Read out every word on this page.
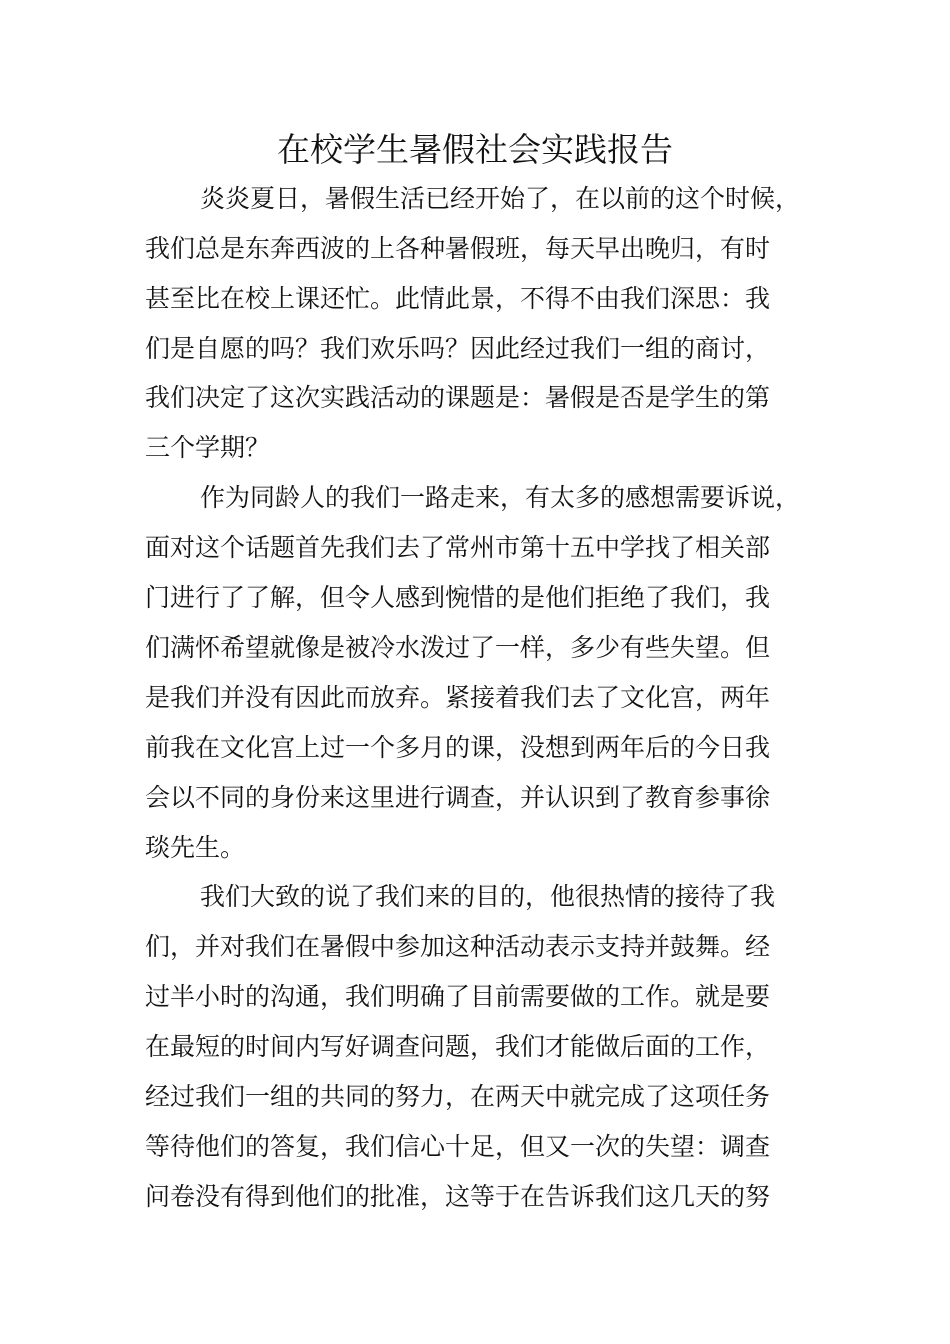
在校学生暑假社会实践报告

炎炎夏日，暑假生活已经开始了，在以前的这个时候，

我们总是东奔西波的上各种暑假班，每天早出晚归，有时

甚至比在校上课还忙。此情此景，不得不由我们深思：我

们是自愿的吗？我们欢乐吗？因此经过我们一组的商讨，

我们决定了这次实践活动的课题是：暑假是否是学生的第

三个学期？

作为同龄人的我们一路走来，有太多的感想需要诉说，

面对这个话题首先我们去了常州市第十五中学找了相关部

门进行了了解，但令人感到惋惜的是他们拒绝了我们，我

们满怀希望就像是被冷水泼过了一样，多少有些失望。但

是我们并没有因此而放弃。紧接着我们去了文化宫，两年

前我在文化宫上过一个多月的课，没想到两年后的今日我

会以不同的身份来这里进行调查，并认识到了教育参事徐

琰先生。

我们大致的说了我们来的目的，他很热情的接待了我

们，并对我们在暑假中参加这种活动表示支持并鼓舞。经

过半小时的沟通，我们明确了目前需要做的工作。就是要

在最短的时间内写好调查问题，我们才能做后面的工作，

经过我们一组的共同的努力，在两天中就完成了这项任务

等待他们的答复，我们信心十足，但又一次的失望：调查

问卷没有得到他们的批准，这等于在告诉我们这几天的努
